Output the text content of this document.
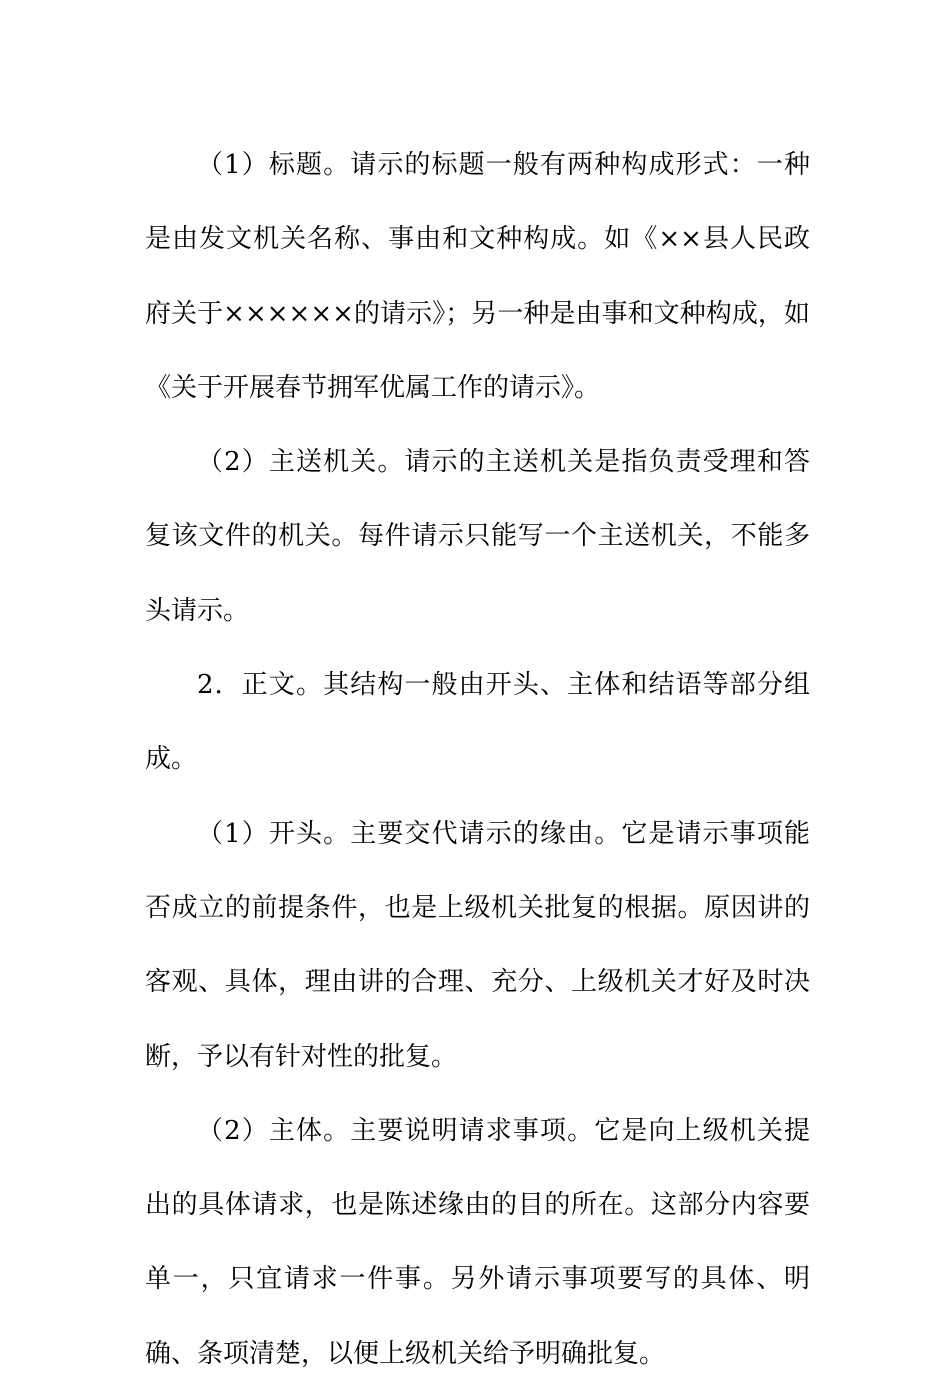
（1）标题。请示的标题一般有两种构成形式：一种是由发文机关名称、事由和文种构成。如《××县人民政府关于××××××的请示》；另一种是由事和文种构成，如《关于开展春节拥军优属工作的请示》。

（2）主送机关。请示的主送机关是指负责受理和答复该文件的机关。每件请示只能写一个主送机关，不能多头请示。

2．正文。其结构一般由开头、主体和结语等部分组成。

（1）开头。主要交代请示的缘由。它是请示事项能否成立的前提条件，也是上级机关批复的根据。原因讲的客观、具体，理由讲的合理、充分、上级机关才好及时决断，予以有针对性的批复。

（2）主体。主要说明请求事项。它是向上级机关提出的具体请求，也是陈述缘由的目的所在。这部分内容要单一，只宜请求一件事。另外请示事项要写的具体、明确、条项清楚，以便上级机关给予明确批复。
